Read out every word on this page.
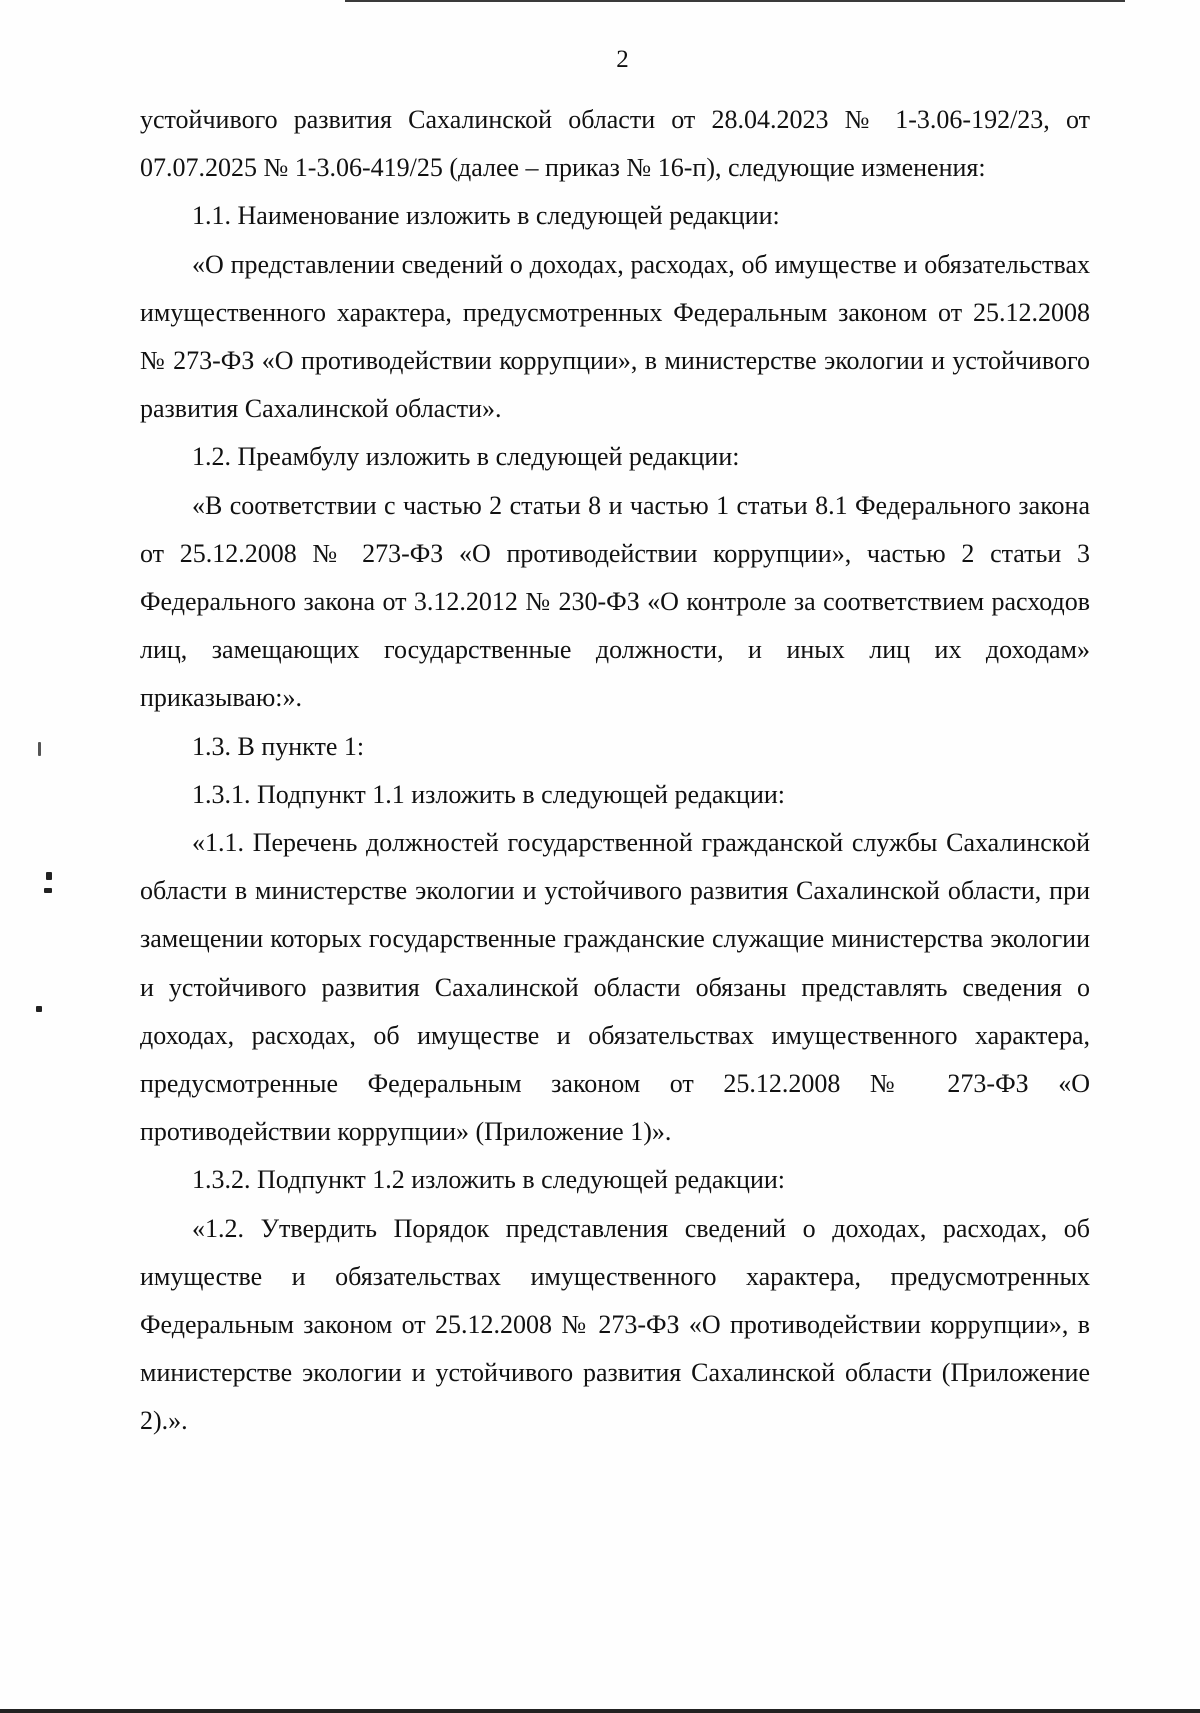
2

устойчивого развития Сахалинской области от 28.04.2023 № 1-3.06-192/23, от 07.07.2025 № 1-3.06-419/25 (далее – приказ № 16-п), следующие изменения:

1.1. Наименование изложить в следующей редакции:

«О представлении сведений о доходах, расходах, об имуществе и обязательствах имущественного характера, предусмотренных Федеральным законом от 25.12.2008 № 273-ФЗ «О противодействии коррупции», в министерстве экологии и устойчивого развития Сахалинской области».

1.2. Преамбулу изложить в следующей редакции:

«В соответствии с частью 2 статьи 8 и частью 1 статьи 8.1 Федерального закона от 25.12.2008 № 273-ФЗ «О противодействии коррупции», частью 2 статьи 3 Федерального закона от 3.12.2012 № 230-ФЗ «О контроле за соответствием расходов лиц, замещающих государственные должности, и иных лиц их доходам» приказываю:».

1.3. В пункте 1:

1.3.1. Подпункт 1.1 изложить в следующей редакции:

«1.1. Перечень должностей государственной гражданской службы Сахалинской области в министерстве экологии и устойчивого развития Сахалинской области, при замещении которых государственные гражданские служащие министерства экологии и устойчивого развития Сахалинской области обязаны представлять сведения о доходах, расходах, об имуществе и обязательствах имущественного характера, предусмотренные Федеральным законом от 25.12.2008 № 273-ФЗ «О противодействии коррупции» (Приложение 1)».

1.3.2. Подпункт 1.2 изложить в следующей редакции:

«1.2. Утвердить Порядок представления сведений о доходах, расходах, об имуществе и обязательствах имущественного характера, предусмотренных Федеральным законом от 25.12.2008 № 273-ФЗ «О противодействии коррупции», в министерстве экологии и устойчивого развития Сахалинской области (Приложение 2).».
